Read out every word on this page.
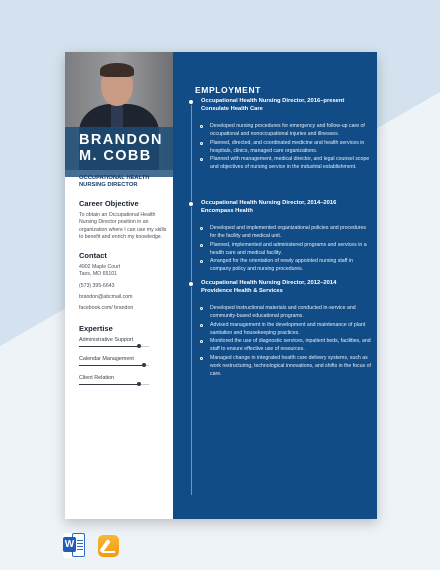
BRANDON
M. COBB
OCCUPATIONAL HEALTH NURSING DIRECTOR
Career Objective

To obtain an Occupational Health Nursing Director position in an organization where I can use my skills to benefit and enrich my knowledge.

Contact
4902 Maple Court
Taos, MO 65101
(573) 395-6643
brandon@abcmail.com
facebook.com/ brandon
Expertise
Administrative Support
Calendar Management
Client Relation
EMPLOYMENT
Occupational Health Nursing Director, 2016–present
Consulate Health Care
Developed nursing procedures for emergency and follow-up care of occupational and nonoccupational injuries and illnesses.
Planned, directed, and coordinated medicine and health services in hospitals, clinics, managed care organizations.
Planned with management, medical director, and legal counsel scope and objectives of nursing service in the industrial establishment.
Occupational Health Nursing Director, 2014–2016
Encompass Health
Developed and implemented organizational policies and procedures for the facility and medical unit.
Planned, implemented and administered programs and services in a health care and medical facility.
Arranged for the orientation of newly appointed nursing staff in company policy and nursing procedures.
Occupational Health Nursing Director, 2012–2014
Providence Health & Services
Developed instructional materials and conducted in-service and community-based educational programs.
Advised management in the development and maintenance of plant sanitation and housekeeping practices.
Monitored the use of diagnostic services, inpatient beds, facilities, and staff to ensure effective use of resources.
Managed change in integrated health care delivery systems, such as work restructuring, technological innovations, and shifts in the focus of care.
W
